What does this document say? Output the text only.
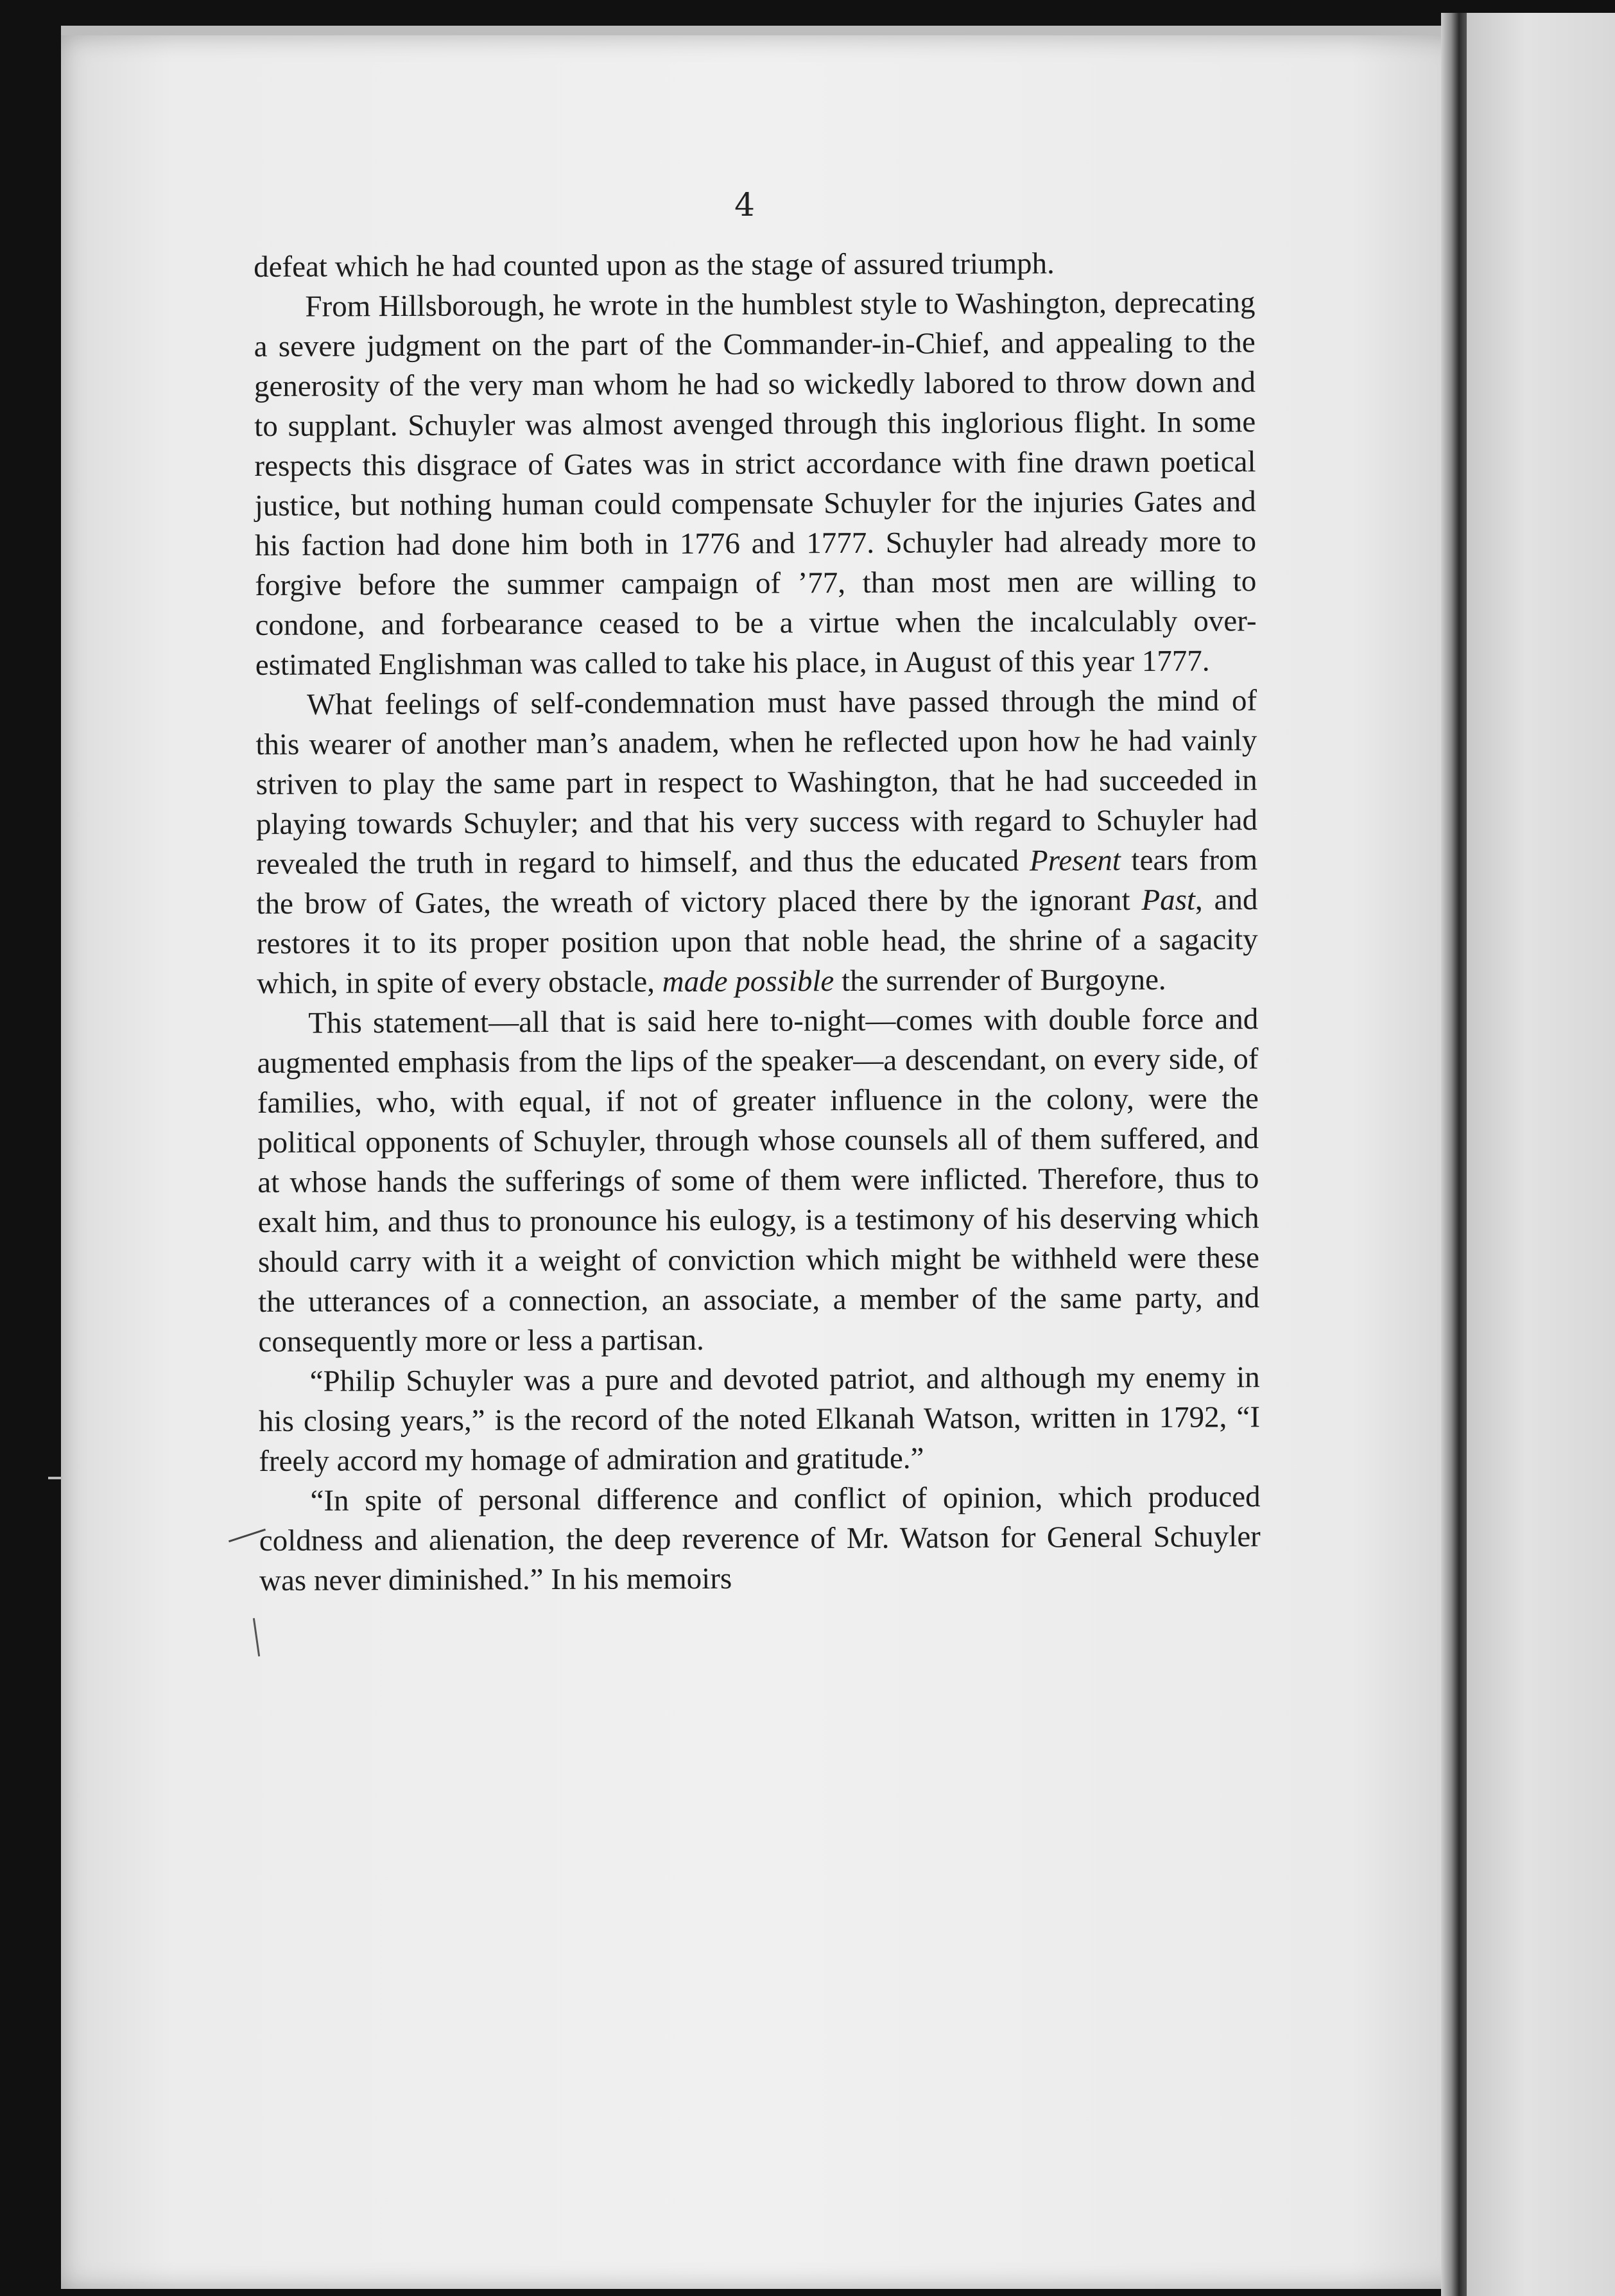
4

defeat which he had counted upon as the stage of assured triumph.

From Hillsborough, he wrote in the humblest style to Washington, deprecating a severe judgment on the part of the Commander-in-Chief, and appealing to the generosity of the very man whom he had so wickedly labored to throw down and to supplant. Schuyler was almost avenged through this inglorious flight. In some respects this disgrace of Gates was in strict accordance with fine drawn poetical justice, but nothing human could compensate Schuyler for the injuries Gates and his faction had done him both in 1776 and 1777. Schuyler had already more to forgive before the summer campaign of ’77, than most men are willing to condone, and forbearance ceased to be a virtue when the incalculably over-estimated Englishman was called to take his place, in August of this year 1777.

What feelings of self-condemnation must have passed through the mind of this wearer of another man’s anadem, when he reflected upon how he had vainly striven to play the same part in respect to Washington, that he had succeeded in playing towards Schuyler; and that his very success with regard to Schuyler had revealed the truth in regard to himself, and thus the educated Present tears from the brow of Gates, the wreath of victory placed there by the ignorant Past, and restores it to its proper position upon that noble head, the shrine of a sagacity which, in spite of every obstacle, made possible the surrender of Burgoyne.

This statement—all that is said here to-night—comes with double force and augmented emphasis from the lips of the speaker—a descendant, on every side, of families, who, with equal, if not of greater influence in the colony, were the political opponents of Schuyler, through whose counsels all of them suffered, and at whose hands the sufferings of some of them were inflicted. Therefore, thus to exalt him, and thus to pronounce his eulogy, is a testimony of his deserving which should carry with it a weight of conviction which might be withheld were these the utterances of a connection, an associate, a member of the same party, and consequently more or less a partisan.

“Philip Schuyler was a pure and devoted patriot, and although my enemy in his closing years,” is the record of the noted Elkanah Watson, written in 1792, “I freely accord my homage of admiration and gratitude.”

“In spite of personal difference and conflict of opinion, which produced coldness and alienation, the deep reverence of Mr. Watson for General Schuyler was never diminished.” In his memoirs
